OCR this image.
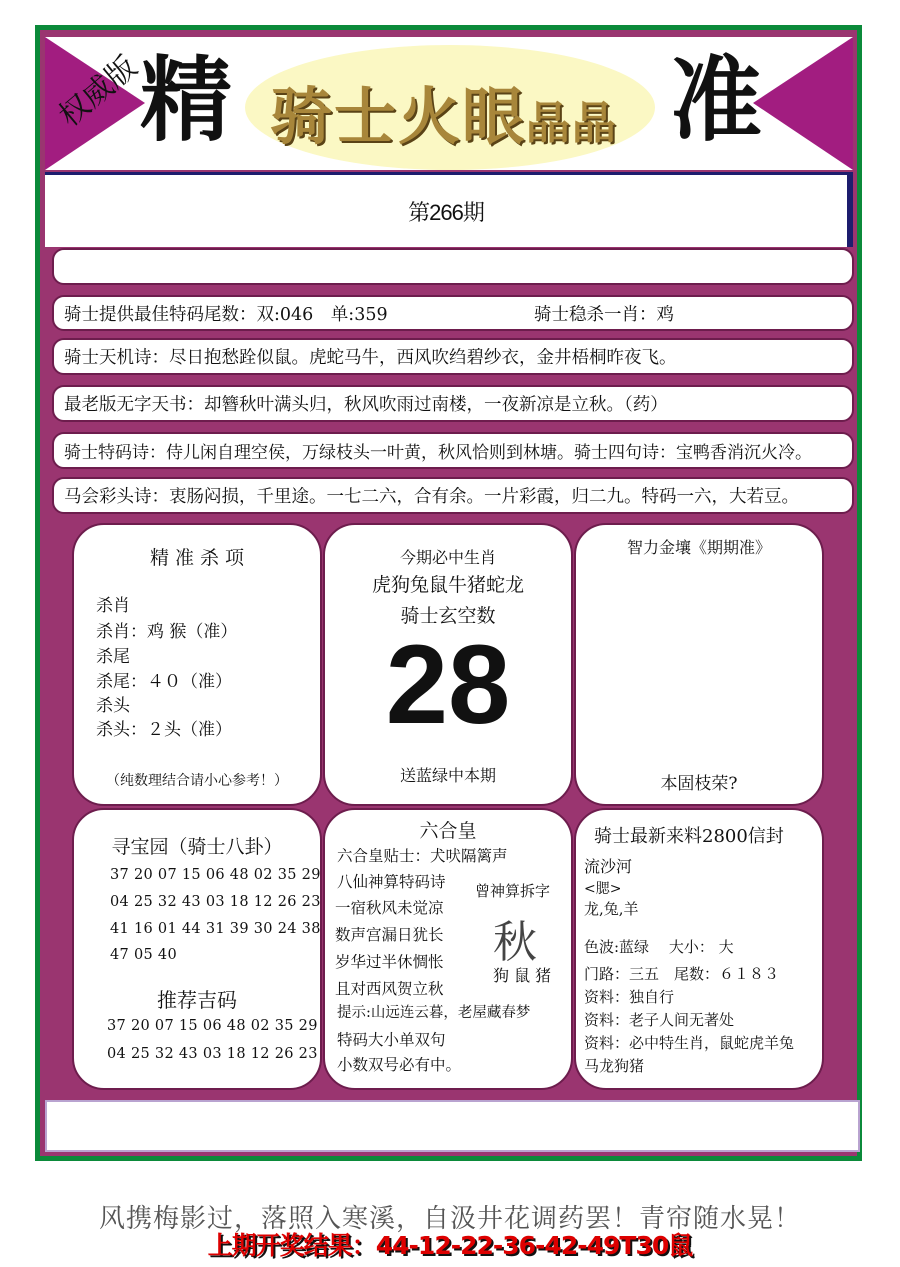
权威版
精 骑士火眼晶晶 准
第266期
骑士提供最佳特码尾数：双:046　单:359	骑士稳杀一肖：鸡
骑士天机诗：尽日抱愁跧似鼠。虎蛇马牛，西风吹绉碧纱衣，金井梧桐昨夜飞。
最老版无字天书：却簪秋叶满头归，秋风吹雨过南楼，一夜新凉是立秋。（药）
骑士特码诗：侍儿闲自理空侯，万绿枝头一叶黄，秋风恰则到林塘。骑士四句诗：宝鸭香消沉火冷。
马会彩头诗：衷肠闷损，千里途。一七二六，合有余。一片彩霞，归二九。特码一六，大若豆。
精 准 杀 项
杀肖
杀肖：鸡 猴（准）
杀尾
杀尾：４０（准）
杀头
杀头：２头（准）
（纯数理结合请小心参考！）
今期必中生肖
虎狗兔鼠牛猪蛇龙
骑士玄空数
28
送蓝绿中本期
智力金壤《期期准》
本固枝荣?
寻宝园（骑士八卦）
37 20 07 15 06 48 02 35 29
04 25 32 43 03 18 12 26 23
41 16 01 44 31 39 30 24 38
47 05 40
推荐吉码
37 20 07 15 06 48 02 35 29
04 25 32 43 03 18 12 26 23
六合皇
六合皇贴士：犬吠隔篱声
八仙神算特码诗
一宿秋风未觉凉
数声宫漏日犹长
岁华过半休惆怅
且对西风贺立秋
提示:山远连云暮，老屋藏春梦
特码大小单双句
小数双号必有中。
曾神算拆字
秋
狗 鼠 猪
骑士最新来料2800信封
流沙河
<腮>
龙,兔,羊
色波:蓝绿　 大小： 大
门路：三五　尾数：６１８３
资料：独自行
资料：老子人间无著处
资料：必中特生肖，鼠蛇虎羊兔
马龙狗猪
风携梅影过，落照入寒溪，自汲井花调药罢！青帘随水晃！
上期开奖结果：44-12-22-36-42-49T30鼠
